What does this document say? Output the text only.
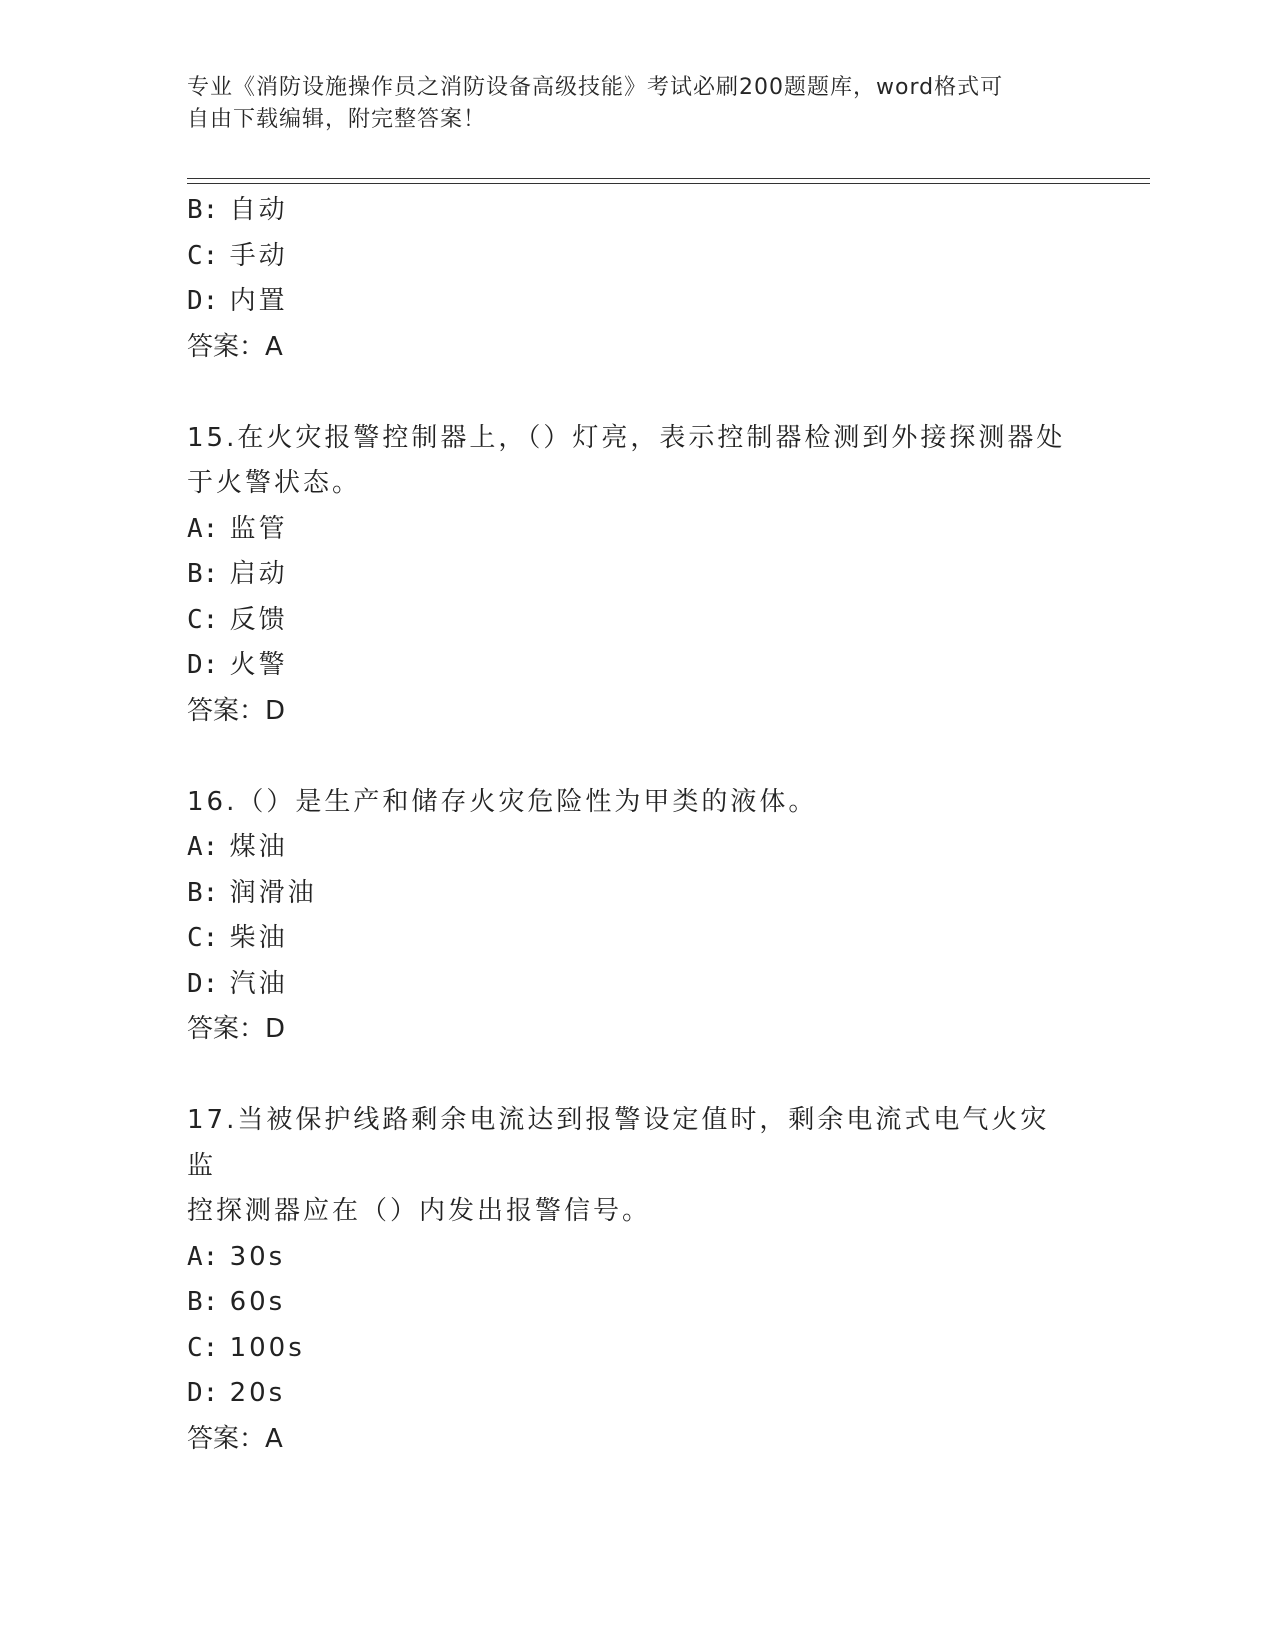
专业《消防设施操作员之消防设备高级技能》考试必刷200题题库，word格式可
自由下载编辑，附完整答案！
B: 自动
C: 手动
D: 内置
答案：A
15.在火灾报警控制器上，（）灯亮，表示控制器检测到外接探测器处
于火警状态。
A: 监管
B: 启动
C: 反馈
D: 火警
答案：D
16.（）是生产和储存火灾危险性为甲类的液体。
A: 煤油
B: 润滑油
C: 柴油
D: 汽油
答案：D
17.当被保护线路剩余电流达到报警设定值时，剩余电流式电气火灾监
控探测器应在（）内发出报警信号。
A: 30s
B: 60s
C: 100s
D: 20s
答案：A
